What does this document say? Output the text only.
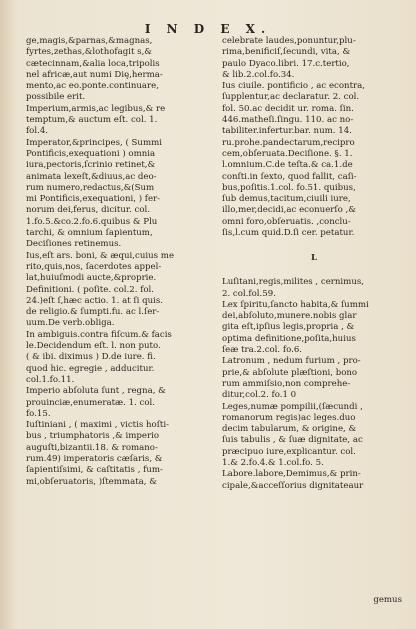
I N D E X.
ge,magis,&parnas,&magnas,
fyrtes,zethas,&lothofagit s,&
cætecinnam,&alia loca,tripolis
nel africæ,aut numi Dię,herma-
mento,ac eo.ponte.continuare,
possibile erit.
Imperium,armis,ac legibus,& re
temptum,& auctum eſt. col. 1.
fol.4.
Imperator,&principes, ( Summi
Pontificis,exequationi ) omnia
iura,pectoris,ſcrinio retinet,&
animata lexeſt,&diuus,ac deo-
rum numero,redactus,&(Sum
mi Pontificis,exequationi, ) fer-
norum dei,ferus, dicitur. col.
1.fo.5.&co.2.fo.6.quibus & Plu
tarchi, & omnium ſapientum,
Deciſiones retinemus.
Ius,eſt ars. boni, & æqui,cuius me
rito,quis,nos, ſacerdotes appel-
lat,huiuſmodi aucte,&proprie.
Definitioni. ( poſite. col.2. fol.
24.)eſt ſ,hæc actio. 1. at ſi quis.
de religio.& ſumpti.fu. ac l.ſer-
uum.De verb.obliga.
In ambiguis.contra fiſcum.& facis
le.Decidendum eſt. l. non puto.
( & ibi. diximus ) D.de iure. fi.
quod hic. egregie , adducitur.
col.1.fo.11.
Imperio abſoluta ſunt , regna, &
prouinciæ,enumeratæ. 1. col.
fo.15.
Iuſtiniani , ( maximi , victis hoſti-
bus , triumphatoris ,& imperio
auguſti,bizantii.18. & romano-
rum.49) imperatoris cæſaris, &
ſapientiſsimi, & caſtitatis , fum-
mi,obſeruatoris, )ſtemmata, &
celebrate laudes,ponuntur,plu-
rima,benificiſ,ſecundi, vita, &
paulo Dyaco.libri. 17.c.tertio,
& lib.2.col.fo.34.
Ius ciuile. pontificio , ac econtra,
ſupplentur,ac declaratur. 2. col.
fol. 50.ac decidit ur. roma. ſin.
446.matheſi.ſingu. 110. ac no-
tabiliter.infertur.bar. num. 14.
ru.prohe.pandectarum,recipro
cem,obſeruata.Deciſione. §. 1.
l.omnium.C.de teſta.& ca.1.de
conſti.in ſexto, quod fallit, caſi-
bus,poſitis.1.col. fo.51. quibus,
ſub demus,tacitum,ciuili iure,
illo,mer,decidi,ac econuerſo ,&
omni foro,obſeruatis. ,conclu-
ſis,l.cum quid.D.ſi cer. petatur.
L
Luſitani,regis,milites , cernimus,
2. col.fol.59.
Lex ſpiritu,ſancto habita,& ſummi
dei,abſoluto,munere.nobis glar
gita eſt,ipſius legis,propria , &
optima definitione,poſita,huius
ſeæ tra.2.col. fo.6.
Latronum , nedum furium , pro-
prie,& abſolute plæſtioni, bono
rum ammiſsio,non comprehe-
ditur,col.2. fo.1 0
Leges,numæ pompilii,(ſæcundi ,
romanorum regis)ac leges.duo
decim tabularum, & origine, &
ſuis tabulis , & ſuæ dignitate, ac
præcipuo iure,explicantur. col.
1.& 2.fo.4.& 1.col.fo. 5.
Labore.labore,Demimus,& prin-
cipale,&acceſſorius dignitateaur
gemus
